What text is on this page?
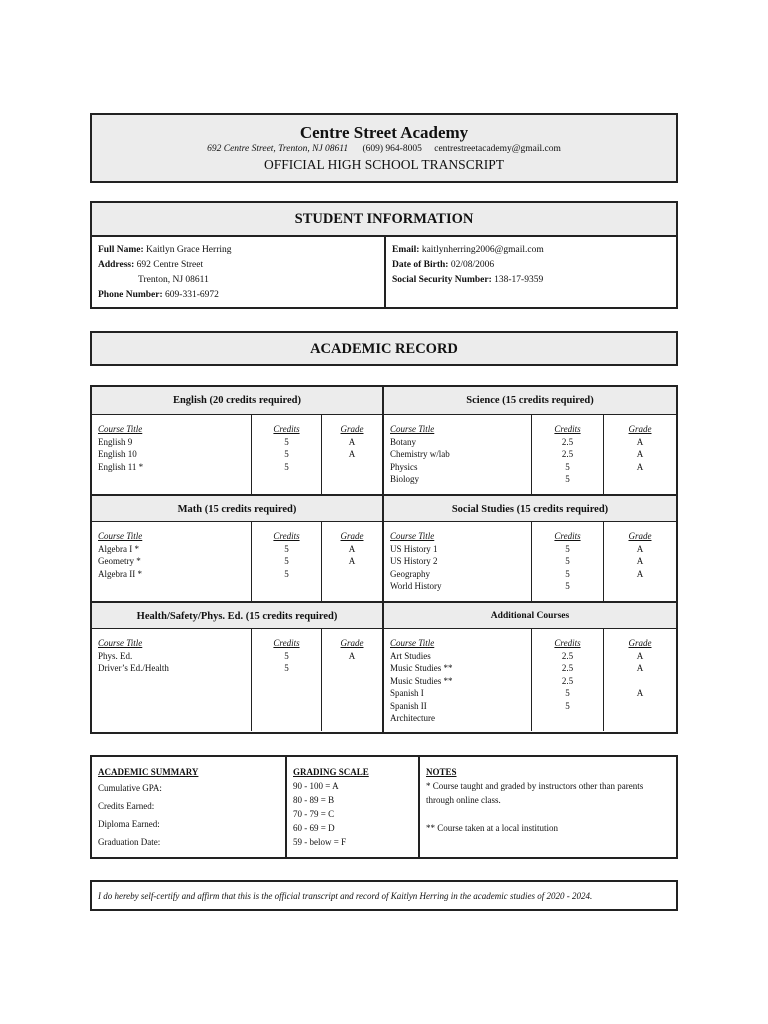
Centre Street Academy
692 Centre Street, Trenton, NJ 08611 (609) 964-8005 centrestreetacademy@gmail.com
OFFICIAL HIGH SCHOOL TRANSCRIPT
STUDENT INFORMATION
Full Name: Kaitlyn Grace Herring
Address: 692 Centre Street
Trenton, NJ 08611
Phone Number: 609-331-6972
Email: kaitlynherring2006@gmail.com
Date of Birth: 02/08/2006
Social Security Number: 138-17-9359
ACADEMIC RECORD
English (20 credits required)
Course Title
English 9
English 10
English 11 *
Credits
5
5
5
Grade
A
A
Math (15 credits required)
Course Title
Algebra I *
Geometry *
Algebra II *
Credits
5
5
5
Grade
A
A
Health/Safety/Phys. Ed. (15 credits required)
Course Title
Phys. Ed.
Driver’s Ed./Health
Credits
5
5
Grade
A
Science (15 credits required)
Course Title
Botany
Chemistry w/lab
Physics
Biology
Credits
2.5
2.5
5
5
Grade
A
A
A
Social Studies (15 credits required)
Course Title
US History 1
US History 2
Geography
World History
Credits
5
5
5
5
Grade
A
A
A
Additional Courses
Course Title
Art Studies
Music Studies **
Music Studies **
Spanish I
Spanish II
Architecture
Credits
2.5
2.5
2.5
5
5
Grade
A
A
A
ACADEMIC SUMMARY
Cumulative GPA:
Credits Earned:
Diploma Earned:
Graduation Date:
GRADING SCALE
90 - 100 = A
80 - 89 = B
70 - 79 = C
60 - 69 = D
59 - below = F
NOTES
* Course taught and graded by instructors other than parents
through online class.
** Course taken at a local institution
I do hereby self-certify and affirm that this is the official transcript and record of Kaitlyn Herring in the academic studies of 2020 - 2024.
